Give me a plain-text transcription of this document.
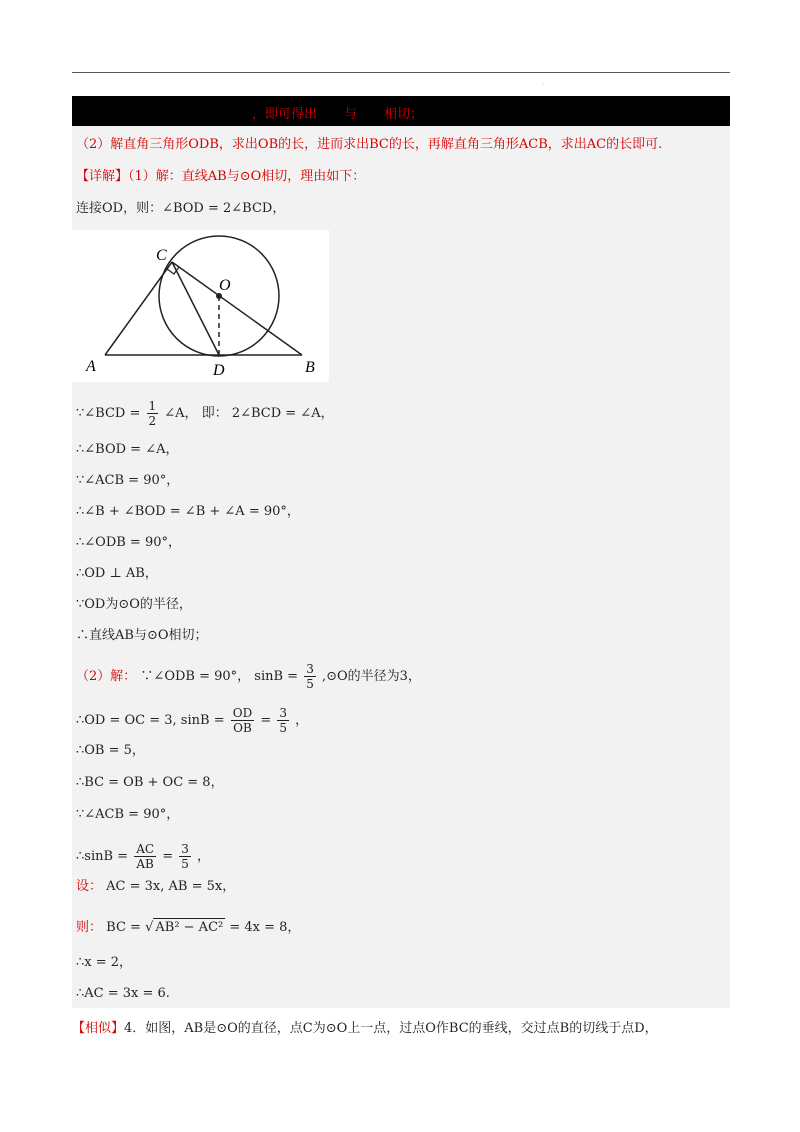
·
，即可得出 与 相切；
（2）解直角三角形ODB，求出OB的长，进而求出BC的长，再解直角三角形ACB，求出AC的长即可.
【详解】（1）解：直线AB与⊙O相切，理由如下：
连接OD，则：∠BOD = 2∠BCD，
C
O
A	D	B
∵∠BCD = $\frac{1}{2}$ ∠A， 即： 2∠BCD = ∠A，
∴∠BOD = ∠A，
∵∠ACB = 90°，
∴∠B + ∠BOD = ∠B + ∠A = 90°，
∴∠ODB = 90°，
∴OD ⊥ AB，
∵OD为⊙O的半径，
∴直线AB与⊙O相切；
（2）解： ∵∠ODB = 90°， $\sin B = \frac{3}{5}$ ,⊙O的半径为3，
∴OD = OC = 3, $\sin B = \frac{OD}{OB} = \frac{3}{5}$ ，
∴OB = 5，
∴BC = OB + OC = 8，
∵∠ACB = 90°，
∴sinB = $\frac{AC}{AB} = \frac{3}{5}$ ，
设： AC = 3x, AB = 5x，
则： BC = √ AB² − AC² = 4x = 8，
∴x = 2，
∴AC = 3x = 6.
【相似】4．如图，AB是⊙O的直径，点C为⊙O上一点，过点O作BC的垂线，交过点B的切线于点D，
